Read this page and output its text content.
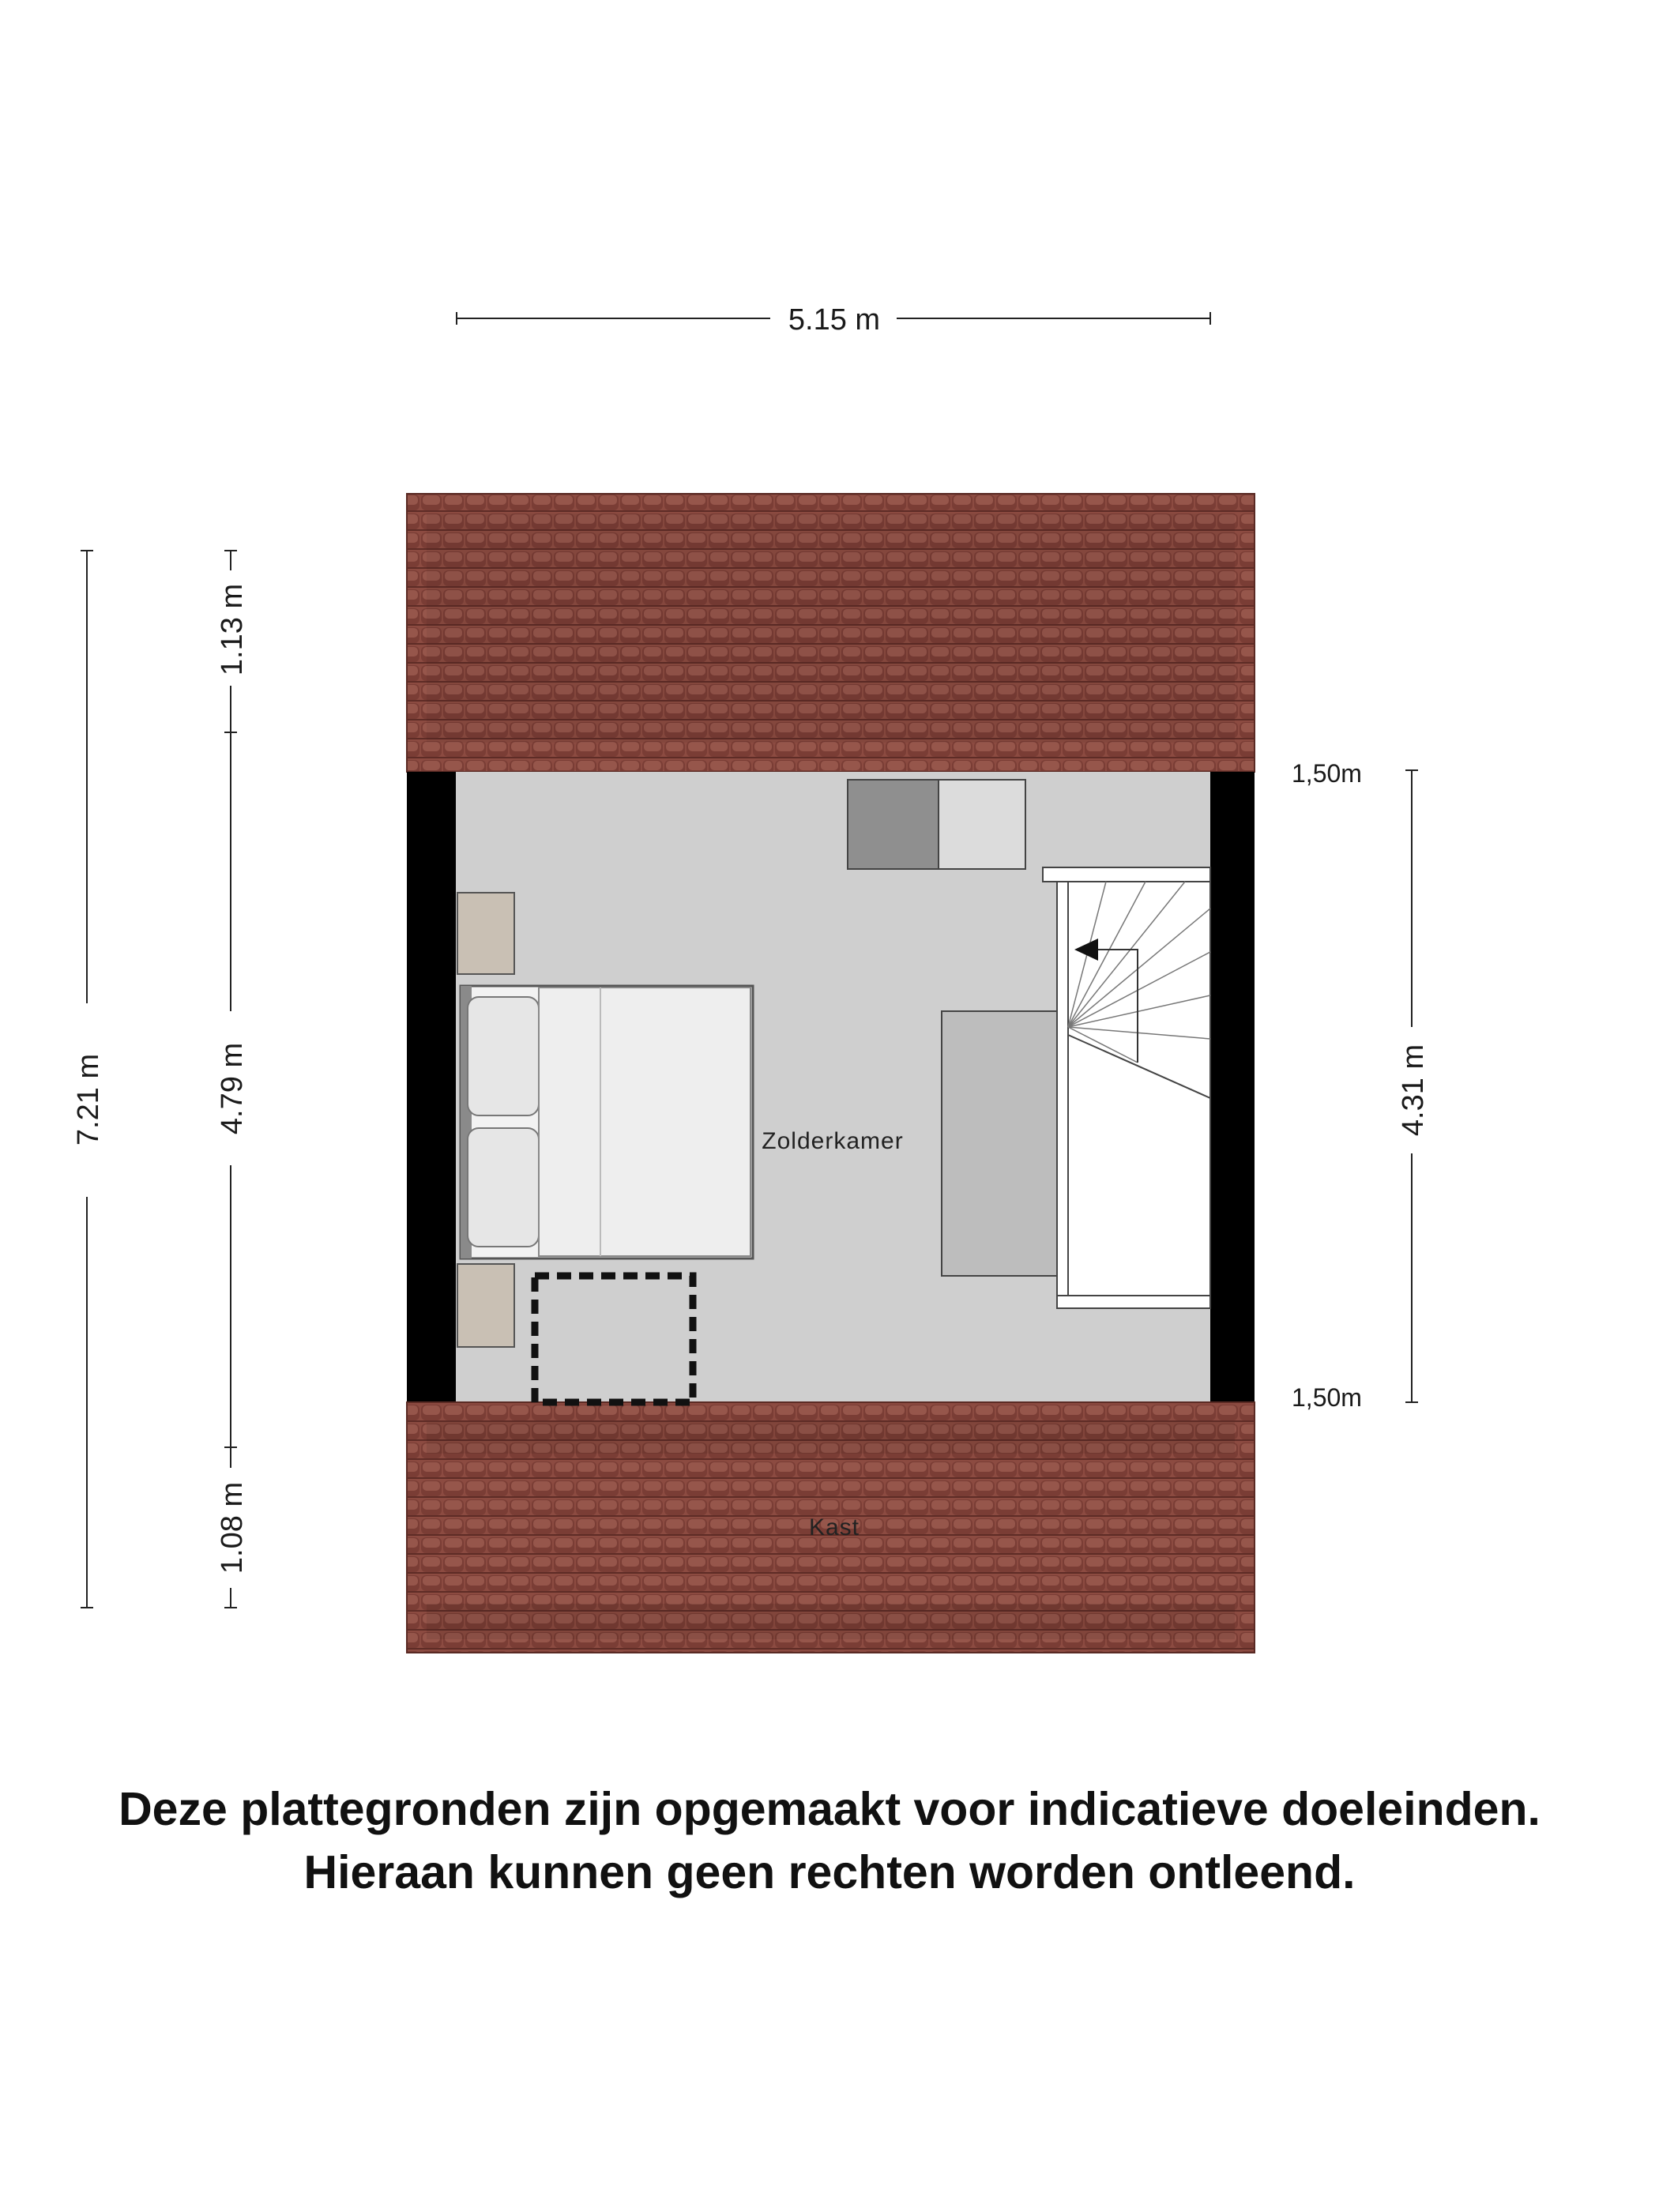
5.15 m
7.21 m
1.13 m
4.79 m
1.08 m
4.31 m
1,50m
1,50m
Zolderkamer
Kast
Deze plattegronden zijn opgemaakt voor indicatieve doeleinden.
Hieraan kunnen geen rechten worden ontleend.
